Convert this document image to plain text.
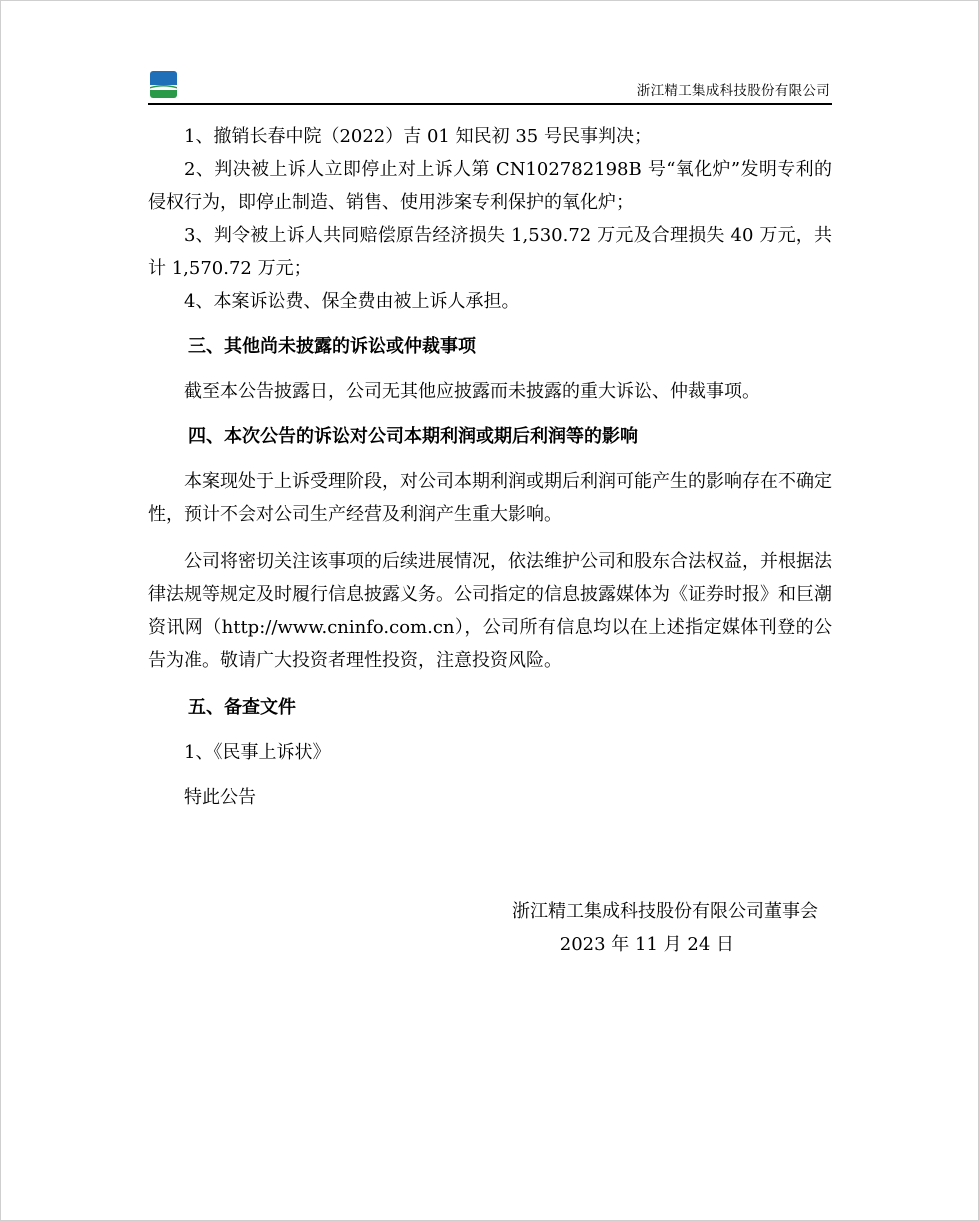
浙江精工集成科技股份有限公司

1、撤销长春中院（2022）吉 01 知民初 35 号民事判决；

2、判决被上诉人立即停止对上诉人第 CN102782198B 号“氧化炉”发明专利的侵权行为，即停止制造、销售、使用涉案专利保护的氧化炉；

3、判令被上诉人共同赔偿原告经济损失 1,530.72 万元及合理损失 40 万元，共计 1,570.72 万元；

4、本案诉讼费、保全费由被上诉人承担。

三、其他尚未披露的诉讼或仲裁事项

截至本公告披露日，公司无其他应披露而未披露的重大诉讼、仲裁事项。

四、本次公告的诉讼对公司本期利润或期后利润等的影响

本案现处于上诉受理阶段，对公司本期利润或期后利润可能产生的影响存在不确定性，预计不会对公司生产经营及利润产生重大影响。

公司将密切关注该事项的后续进展情况，依法维护公司和股东合法权益，并根据法律法规等规定及时履行信息披露义务。公司指定的信息披露媒体为《证券时报》和巨潮资讯网（http://www.cninfo.com.cn），公司所有信息均以在上述指定媒体刊登的公告为准。敬请广大投资者理性投资，注意投资风险。

五、备查文件

1、《民事上诉状》

特此公告

浙江精工集成科技股份有限公司董事会
2023 年 11 月 24 日
